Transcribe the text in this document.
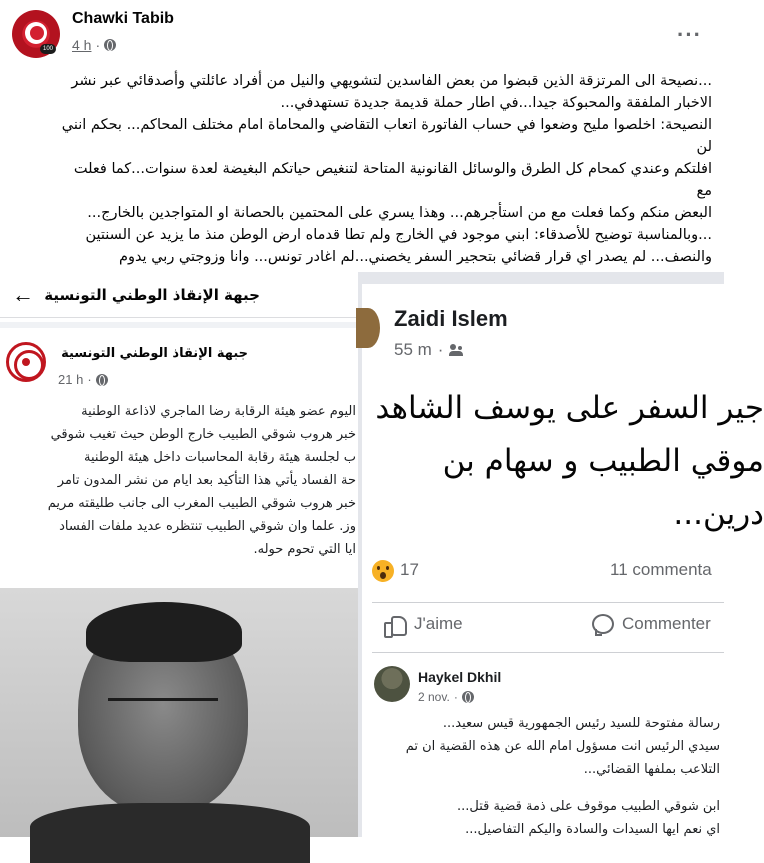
100
Chawki Tabib
4 h ·	···

...نصيحة الى المرتزقة الذين قبضوا من بعض الفاسدين لتشويهي والنيل من أفراد عائلتي وأصدقائي عبر نشر

الاخبار الملفقة والمحبوكة جيدا...في اطار حملة قديمة جديدة تستهدفي...

النصيحة: اخلصوا مليح وضعوا في حساب الفاتورة اتعاب التقاضي والمحاماة امام مختلف المحاكم... بحكم انني لن

افلتكم وعندي كمحام كل الطرق والوسائل القانونية المتاحة لتنغيص حياتكم البغيضة لعدة سنوات...كما فعلت مع

البعض منكم وكما فعلت مع من استأجرهم... وهذا يسري على المحتمين بالحصانة او المتواجدين بالخارج...

...وبالمناسبة توضيح للأصدقاء: ابني موجود في الخارج ولم تطا قدماه ارض الوطن منذ ما يزيد عن السنتين

والنصف... لم يصدر اي قرار قضائي بتحجير السفر يخصني...لم اغادر تونس... وانا وزوجتي ربي يدوم

← جبهة الإنقاذ الوطني التونسية
جبهة الإنقاذ الوطني التونسية
21 h ·

اليوم عضو هيئة الرقابة رضا الماجري لاذاعة الوطنية

خبر هروب شوقي الطبيب خارج الوطن حيث تغيب شوقي

ب لجلسة هيئة رقابة المحاسبات داخل هيئة الوطنية

حة الفساد يأتي هذا التأكيد بعد ايام من نشر المدون تامر

خبر هروب شوقي الطبيب المغرب الى جانب طليقته مريم

وز. علما وان شوقي الطبيب تنتظره عديد ملفات الفساد

ايا التي تحوم حوله.

Zaidi Islem
55 m ·

جير السفر على يوسف الشاهد

موقي الطبيب و سهام بن

درين...

17	11 commenta
J'aime	Commenter
Haykel Dkhil
2 nov. ·

رسالة مفتوحة للسيد رئيس الجمهورية قيس سعيد...

سيدي الرئيس انت مسؤول امام الله عن هذه القضية ان تم

التلاعب بملفها القضائي...

ابن شوقي الطبيب موقوف على ذمة قضية قتل...

اي نعم ايها السيدات والسادة واليكم التفاصيل...
